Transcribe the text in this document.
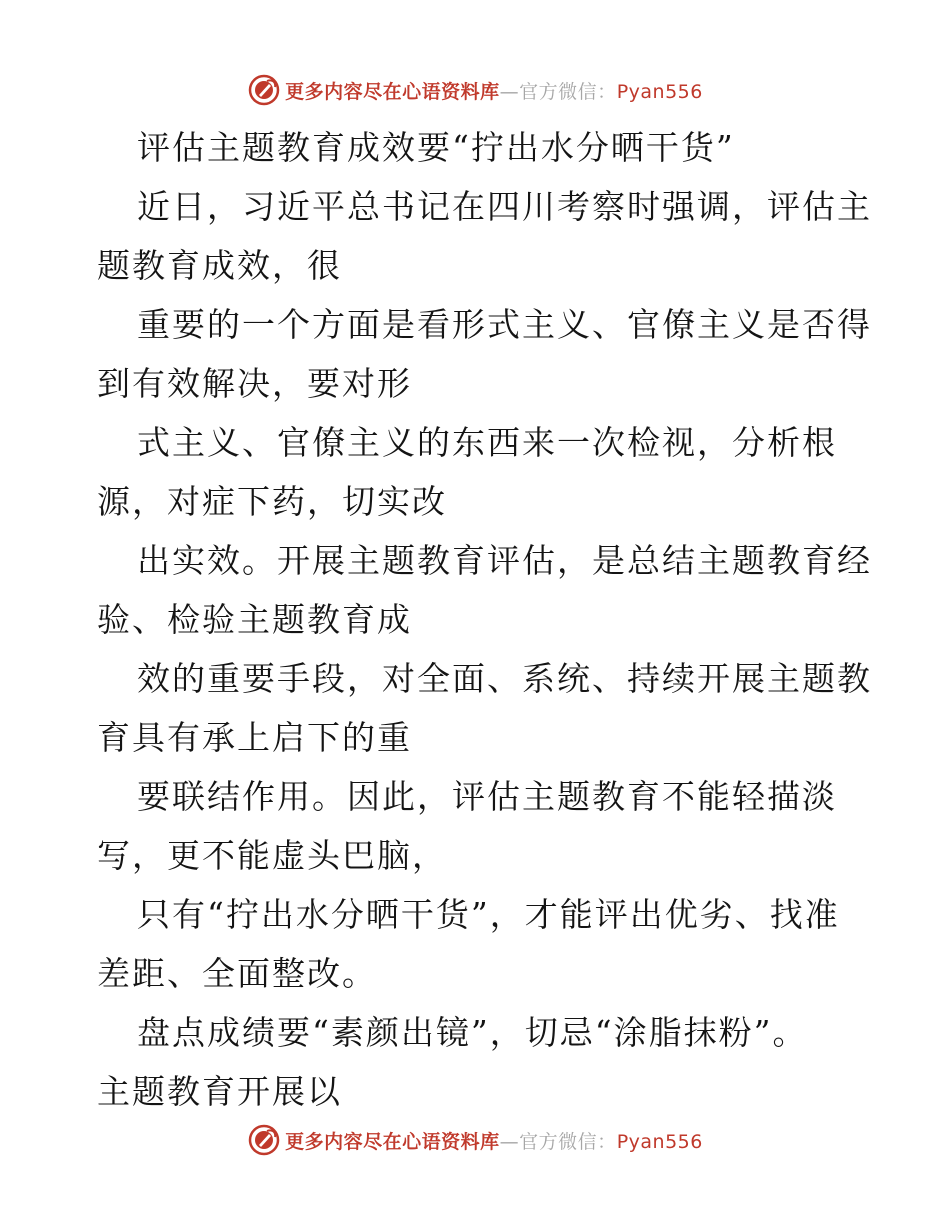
更多内容尽在心语资料库—官方微信：Pyan556
评估主题教育成效要“拧出水分晒干货”
近日，习近平总书记在四川考察时强调，评估主
题教育成效，很
重要的一个方面是看形式主义、官僚主义是否得
到有效解决，要对形
式主义、官僚主义的东西来一次检视，分析根
源，对症下药，切实改
出实效。开展主题教育评估，是总结主题教育经
验、检验主题教育成
效的重要手段，对全面、系统、持续开展主题教
育具有承上启下的重
要联结作用。因此，评估主题教育不能轻描淡
写，更不能虚头巴脑，
只有“拧出水分晒干货”，才能评出优劣、找准
差距、全面整改。
盘点成绩要“素颜出镜”，切忌“涂脂抹粉”。
主题教育开展以
更多内容尽在心语资料库—官方微信：Pyan556
